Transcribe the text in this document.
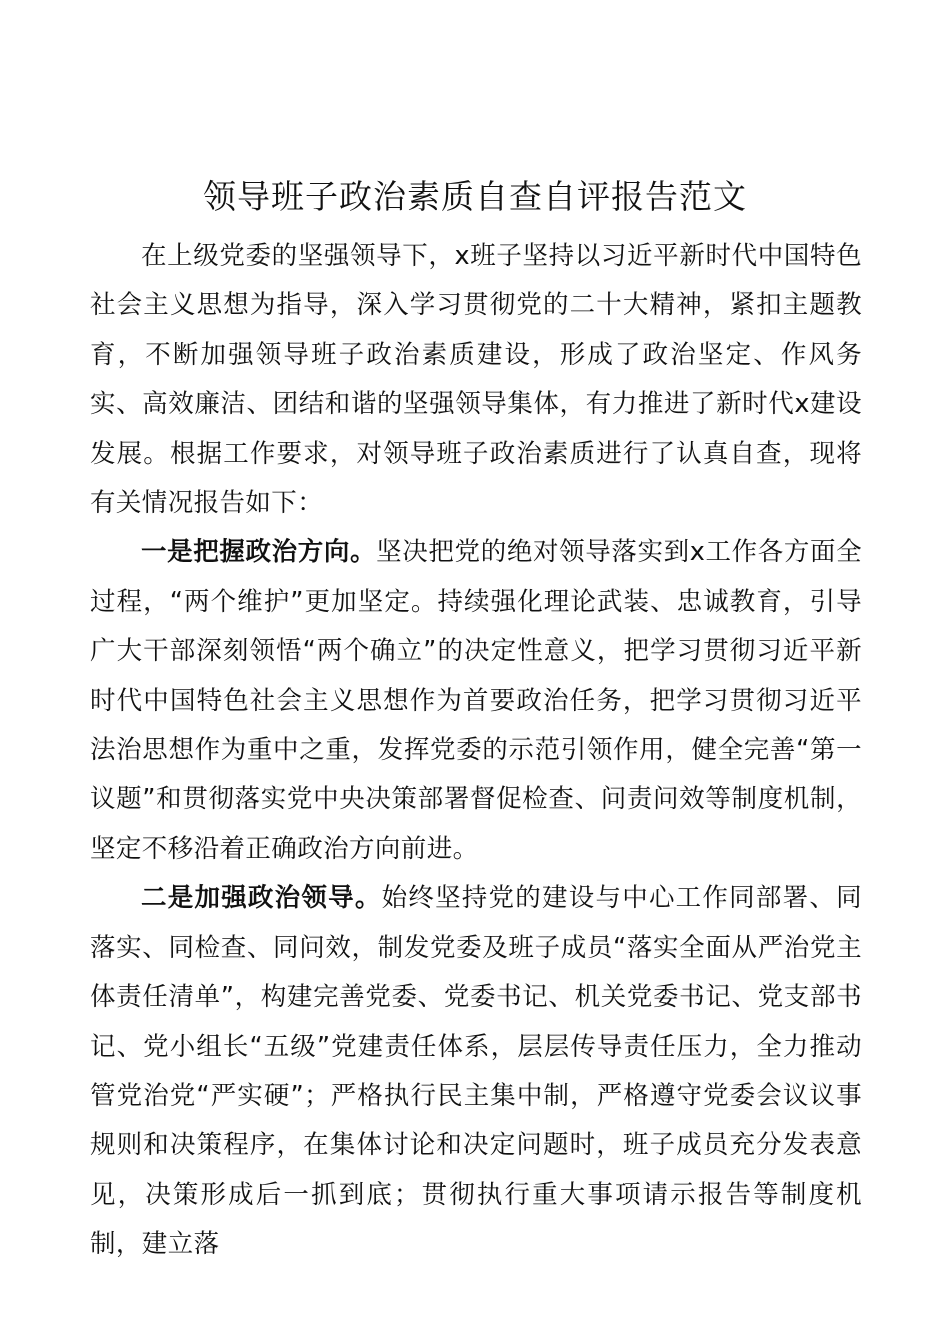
领导班子政治素质自查自评报告范文

在上级党委的坚强领导下，x班子坚持以习近平新时代中国特色社会主义思想为指导，深入学习贯彻党的二十大精神，紧扣主题教育，不断加强领导班子政治素质建设，形成了政治坚定、作风务实、高效廉洁、团结和谐的坚强领导集体，有力推进了新时代x建设发展。根据工作要求，对领导班子政治素质进行了认真自查，现将有关情况报告如下：

一是把握政治方向。坚决把党的绝对领导落实到x工作各方面全过程，“两个维护”更加坚定。持续强化理论武装、忠诚教育，引导广大干部深刻领悟“两个确立”的决定性意义，把学习贯彻习近平新时代中国特色社会主义思想作为首要政治任务，把学习贯彻习近平法治思想作为重中之重，发挥党委的示范引领作用，健全完善“第一议题”和贯彻落实党中央决策部署督促检查、问责问效等制度机制，坚定不移沿着正确政治方向前进。

二是加强政治领导。始终坚持党的建设与中心工作同部署、同落实、同检查、同问效，制发党委及班子成员“落实全面从严治党主体责任清单”，构建完善党委、党委书记、机关党委书记、党支部书记、党小组长“五级”党建责任体系，层层传导责任压力，全力推动管党治党“严实硬”；严格执行民主集中制，严格遵守党委会议议事规则和决策程序，在集体讨论和决定问题时，班子成员充分发表意见，决策形成后一抓到底；贯彻执行重大事项请示报告等制度机制，建立落
